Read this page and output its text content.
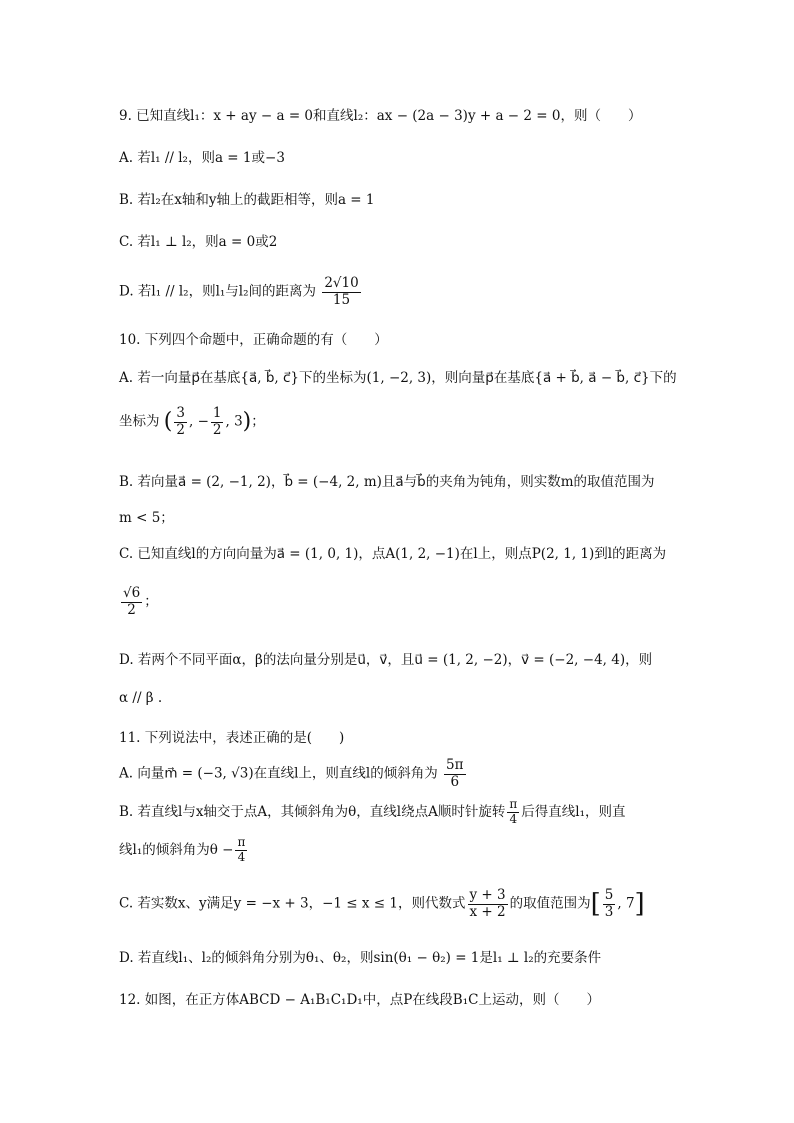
9. 已知直线l₁：x + ay − a = 0和直线l₂：ax − (2a − 3)y + a − 2 = 0，则（　　）
A. 若l₁ // l₂，则a = 1或−3
B. 若l₂在x轴和y轴上的截距相等，则a = 1
C. 若l₁ ⊥ l₂，则a = 0或2
D. 若l₁ // l₂，则l₁与l₂间的距离为 $\frac{2√10}{15}$
10. 下列四个命题中，正确命题的有（　　）
A. 若一向量p⃗在基底{a⃗, b⃗, c⃗}下的坐标为(1, −2, 3)，则向量p⃗在基底{a⃗ + b⃗, a⃗ − b⃗, c⃗}下的
坐标为 ( $\frac{3}{2}$ , − $\frac{1}{2}$ , 3)；
B. 若向量a⃗ = (2, −1, 2)，b⃗ = (−4, 2, m)且a⃗与b⃗的夹角为钝角，则实数m的取值范围为
m < 5；
C. 已知直线l的方向向量为a⃗ = (1, 0, 1)，点A(1, 2, −1)在l上，则点P(2, 1, 1)到l的距离为
$\frac{√6}{2}$ ；
D. 若两个不同平面α，β的法向量分别是u⃗，v⃗，且u⃗ = (1, 2, −2)，v⃗ = (−2, −4, 4)，则
α // β .
11. 下列说法中，表述正确的是(　　)
A. 向量m⃗ = (−3, √3)在直线l上，则直线l的倾斜角为 $\frac{5\pi}{6}$
B. 若直线l与x轴交于点A，其倾斜角为θ，直线l绕点A顺时针旋转 $\frac{\pi}{4}$ 后得直线l₁，则直
线l₁的倾斜角为$\theta - \frac{\pi}{4}$
C. 若实数x、y满足y = −x + 3，−1 ≤ x ≤ 1，则代数式 $\frac{y + 3}{x + 2}$ 的取值范围为[ $\frac{5}{3}$ , 7]
D. 若直线l₁、l₂的倾斜角分别为θ₁、θ₂，则sin(θ₁ − θ₂) = 1是l₁ ⊥ l₂的充要条件
12. 如图，在正方体ABCD − A₁B₁C₁D₁中，点P在线段B₁C上运动，则（　　）
